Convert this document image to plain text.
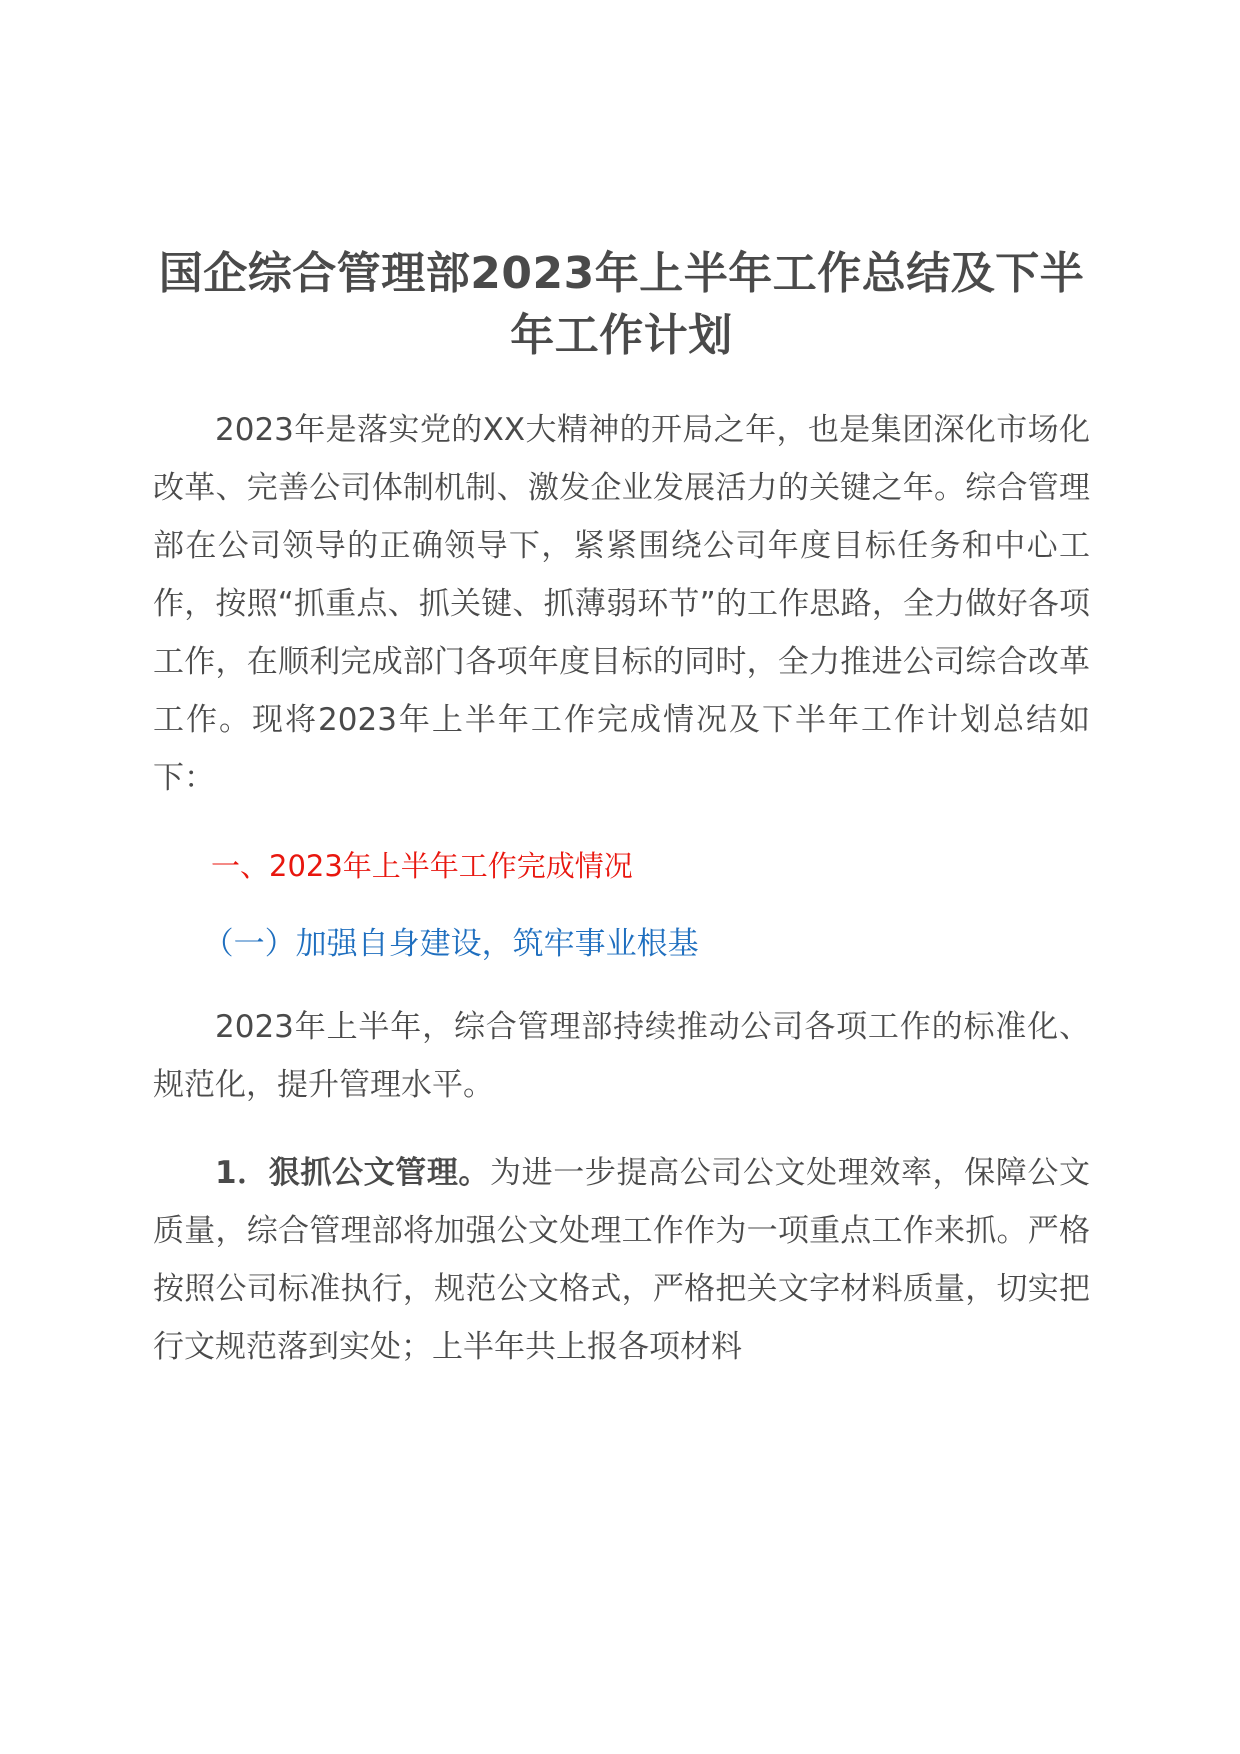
国企综合管理部2023年上半年工作总结及下半年工作计划

2023年是落实党的XX大精神的开局之年，也是集团深化市场化改革、完善公司体制机制、激发企业发展活力的关键之年。综合管理部在公司领导的正确领导下，紧紧围绕公司年度目标任务和中心工作，按照“抓重点、抓关键、抓薄弱环节”的工作思路，全力做好各项工作，在顺利完成部门各项年度目标的同时，全力推进公司综合改革工作。现将2023年上半年工作完成情况及下半年工作计划总结如下：

一、2023年上半年工作完成情况

（一）加强自身建设，筑牢事业根基

2023年上半年，综合管理部持续推动公司各项工作的标准化、规范化，提升管理水平。

1．狠抓公文管理。为进一步提高公司公文处理效率，保障公文质量，综合管理部将加强公文处理工作作为一项重点工作来抓。严格按照公司标准执行，规范公文格式，严格把关文字材料质量，切实把行文规范落到实处；上半年共上报各项材料
